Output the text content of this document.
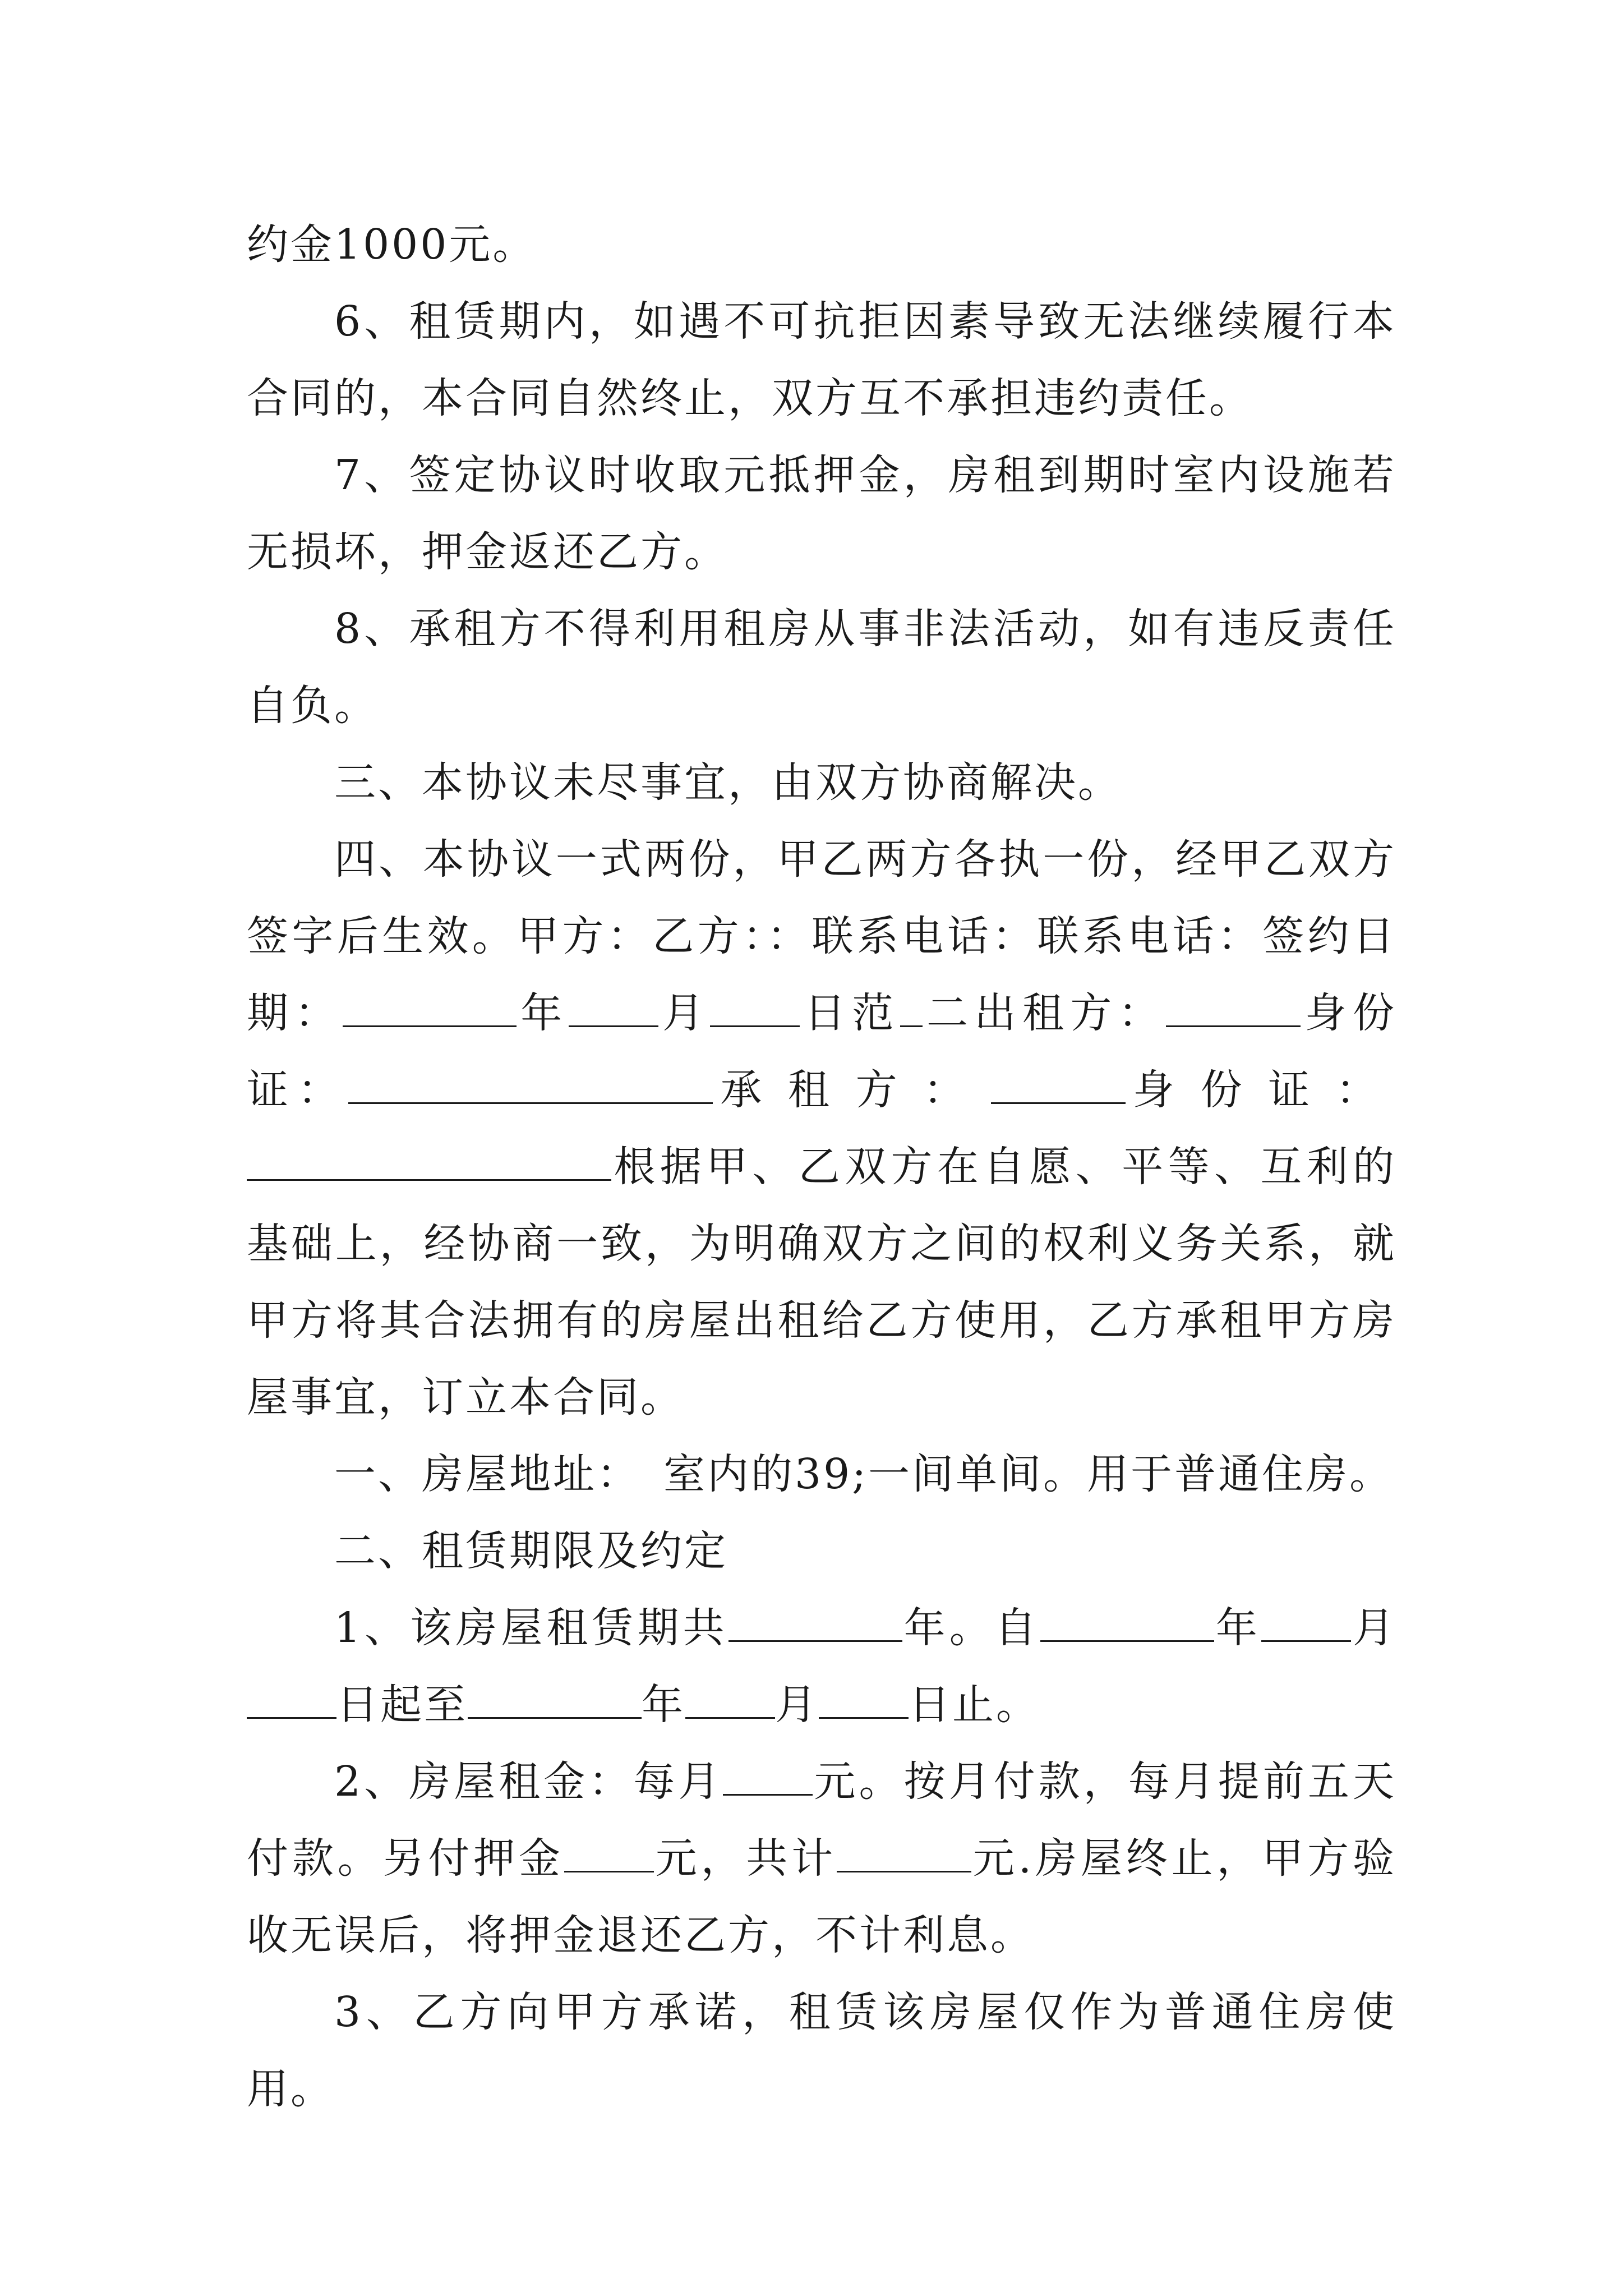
约金1000元。

6、租赁期内，如遇不可抗拒因素导致无法继续履行本合同的，本合同自然终止，双方互不承担违约责任。

7、签定协议时收取元抵押金，房租到期时室内设施若无损坏，押金返还乙方。

8、承租方不得利用租房从事非法活动，如有违反责任自负。

三、本协议未尽事宜，由双方协商解决。

四、本协议一式两份，甲乙两方各执一份，经甲乙双方签字后生效。甲方：乙方：：联系电话：联系电话：签约日期：	年 月 日范 二出租方：	身份证：	承租方：	身份证：根据甲、乙双方在自愿、平等、互利的基础上，经协商一致，为明确双方之间的权利义务关系，就甲方将其合法拥有的房屋出租给乙方使用，乙方承租甲方房屋事宜，订立本合同。

一、房屋地址：　室内的39;一间单间。用于普通住房。

二、租赁期限及约定

1、该房屋租赁期共	年。自	年 月日起至	年 月 日止。

2、房屋租金：每月 元。按月付款，每月提前五天付款。另付押金 元，共计	元.房屋终止，甲方验收无误后，将押金退还乙方，不计利息。

3、乙方向甲方承诺，租赁该房屋仅作为普通住房使用。
